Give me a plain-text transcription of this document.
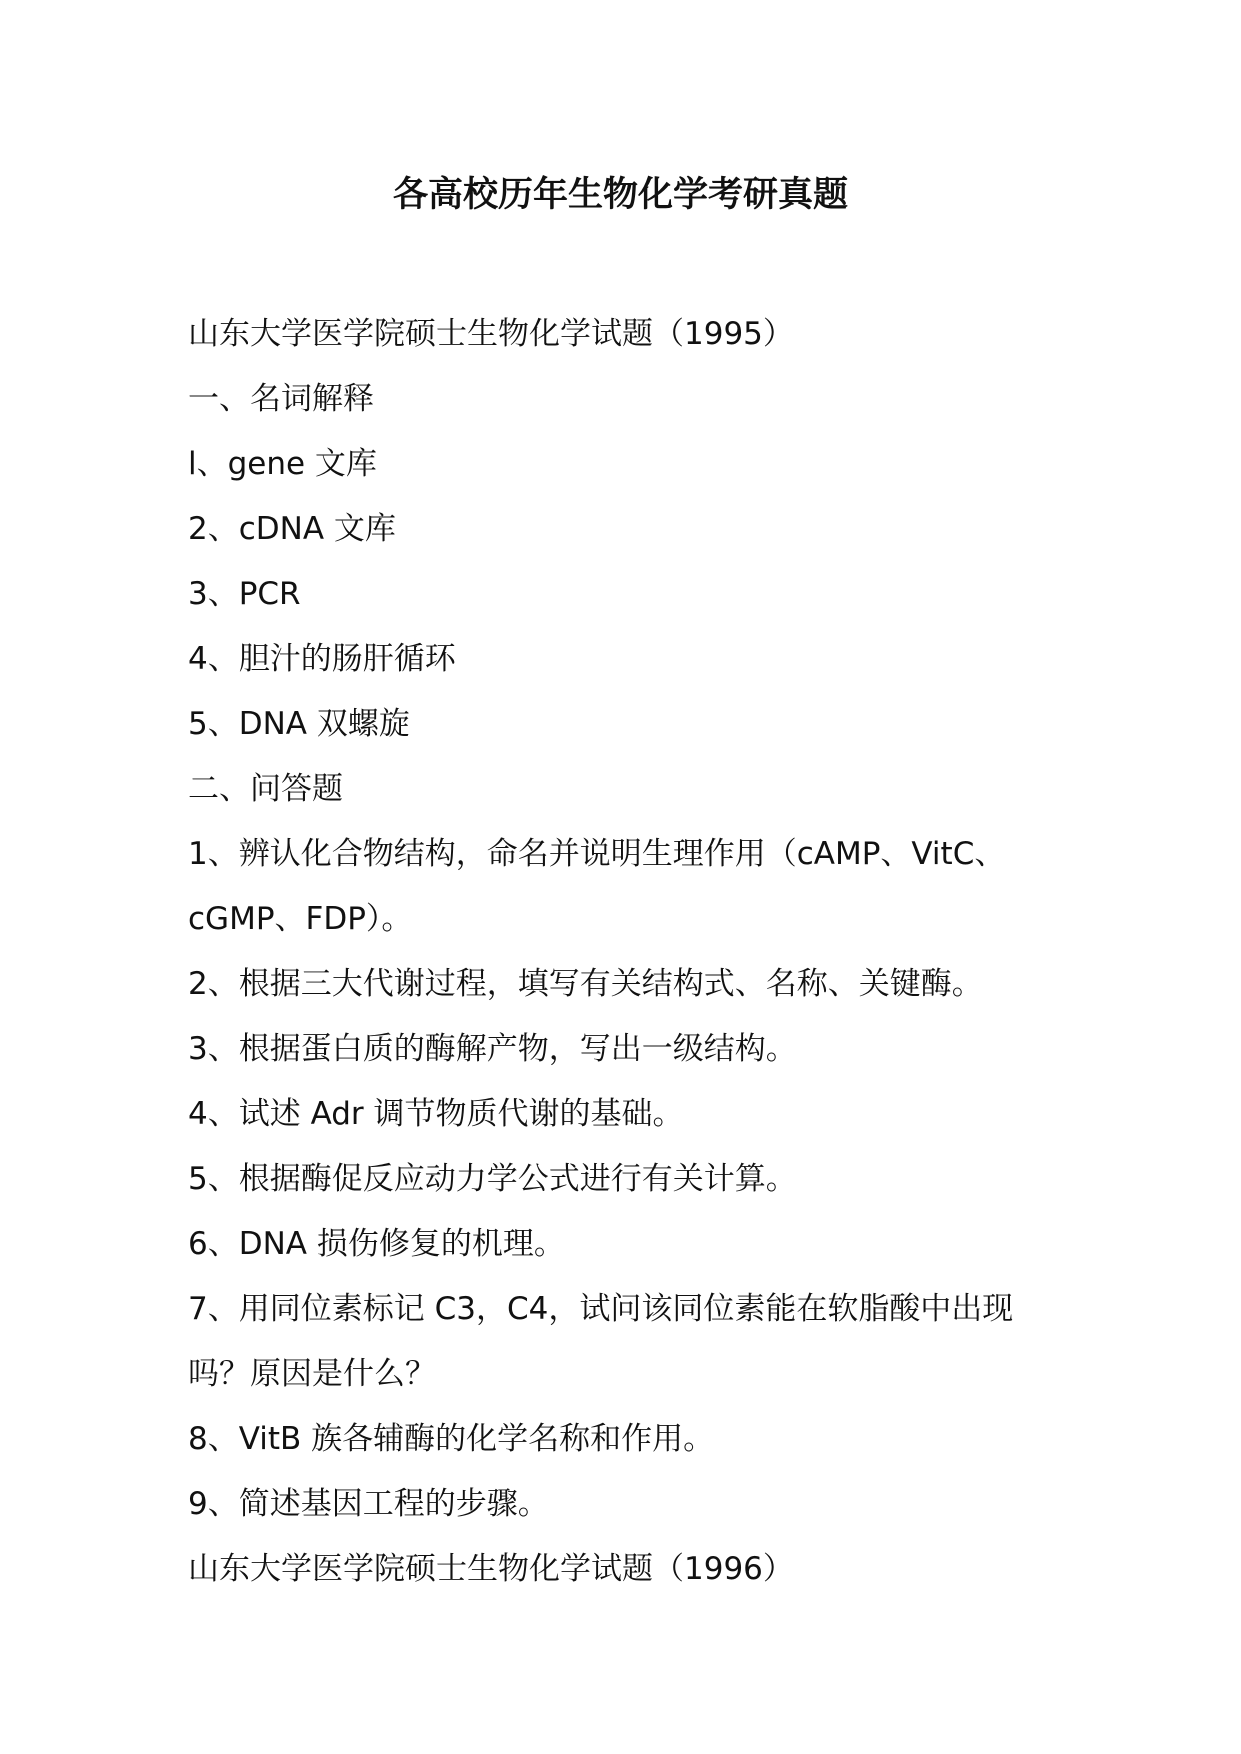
各高校历年生物化学考研真题

山东大学医学院硕士生物化学试题（1995）

一、名词解释

l、gene 文库

2、cDNA 文库

3、PCR

4、胆汁的肠肝循环

5、DNA 双螺旋

二、问答题

1、辨认化合物结构，命名并说明生理作用（cAMP、VitC、

cGMP、FDP）。

2、根据三大代谢过程，填写有关结构式、名称、关键酶。

3、根据蛋白质的酶解产物，写出一级结构。

4、试述 Adr 调节物质代谢的基础。

5、根据酶促反应动力学公式进行有关计算。

6、DNA 损伤修复的机理。

7、用同位素标记 C3，C4，试问该同位素能在软脂酸中出现

吗？原因是什么？

8、VitB 族各辅酶的化学名称和作用。

9、简述基因工程的步骤。

山东大学医学院硕士生物化学试题（1996）
